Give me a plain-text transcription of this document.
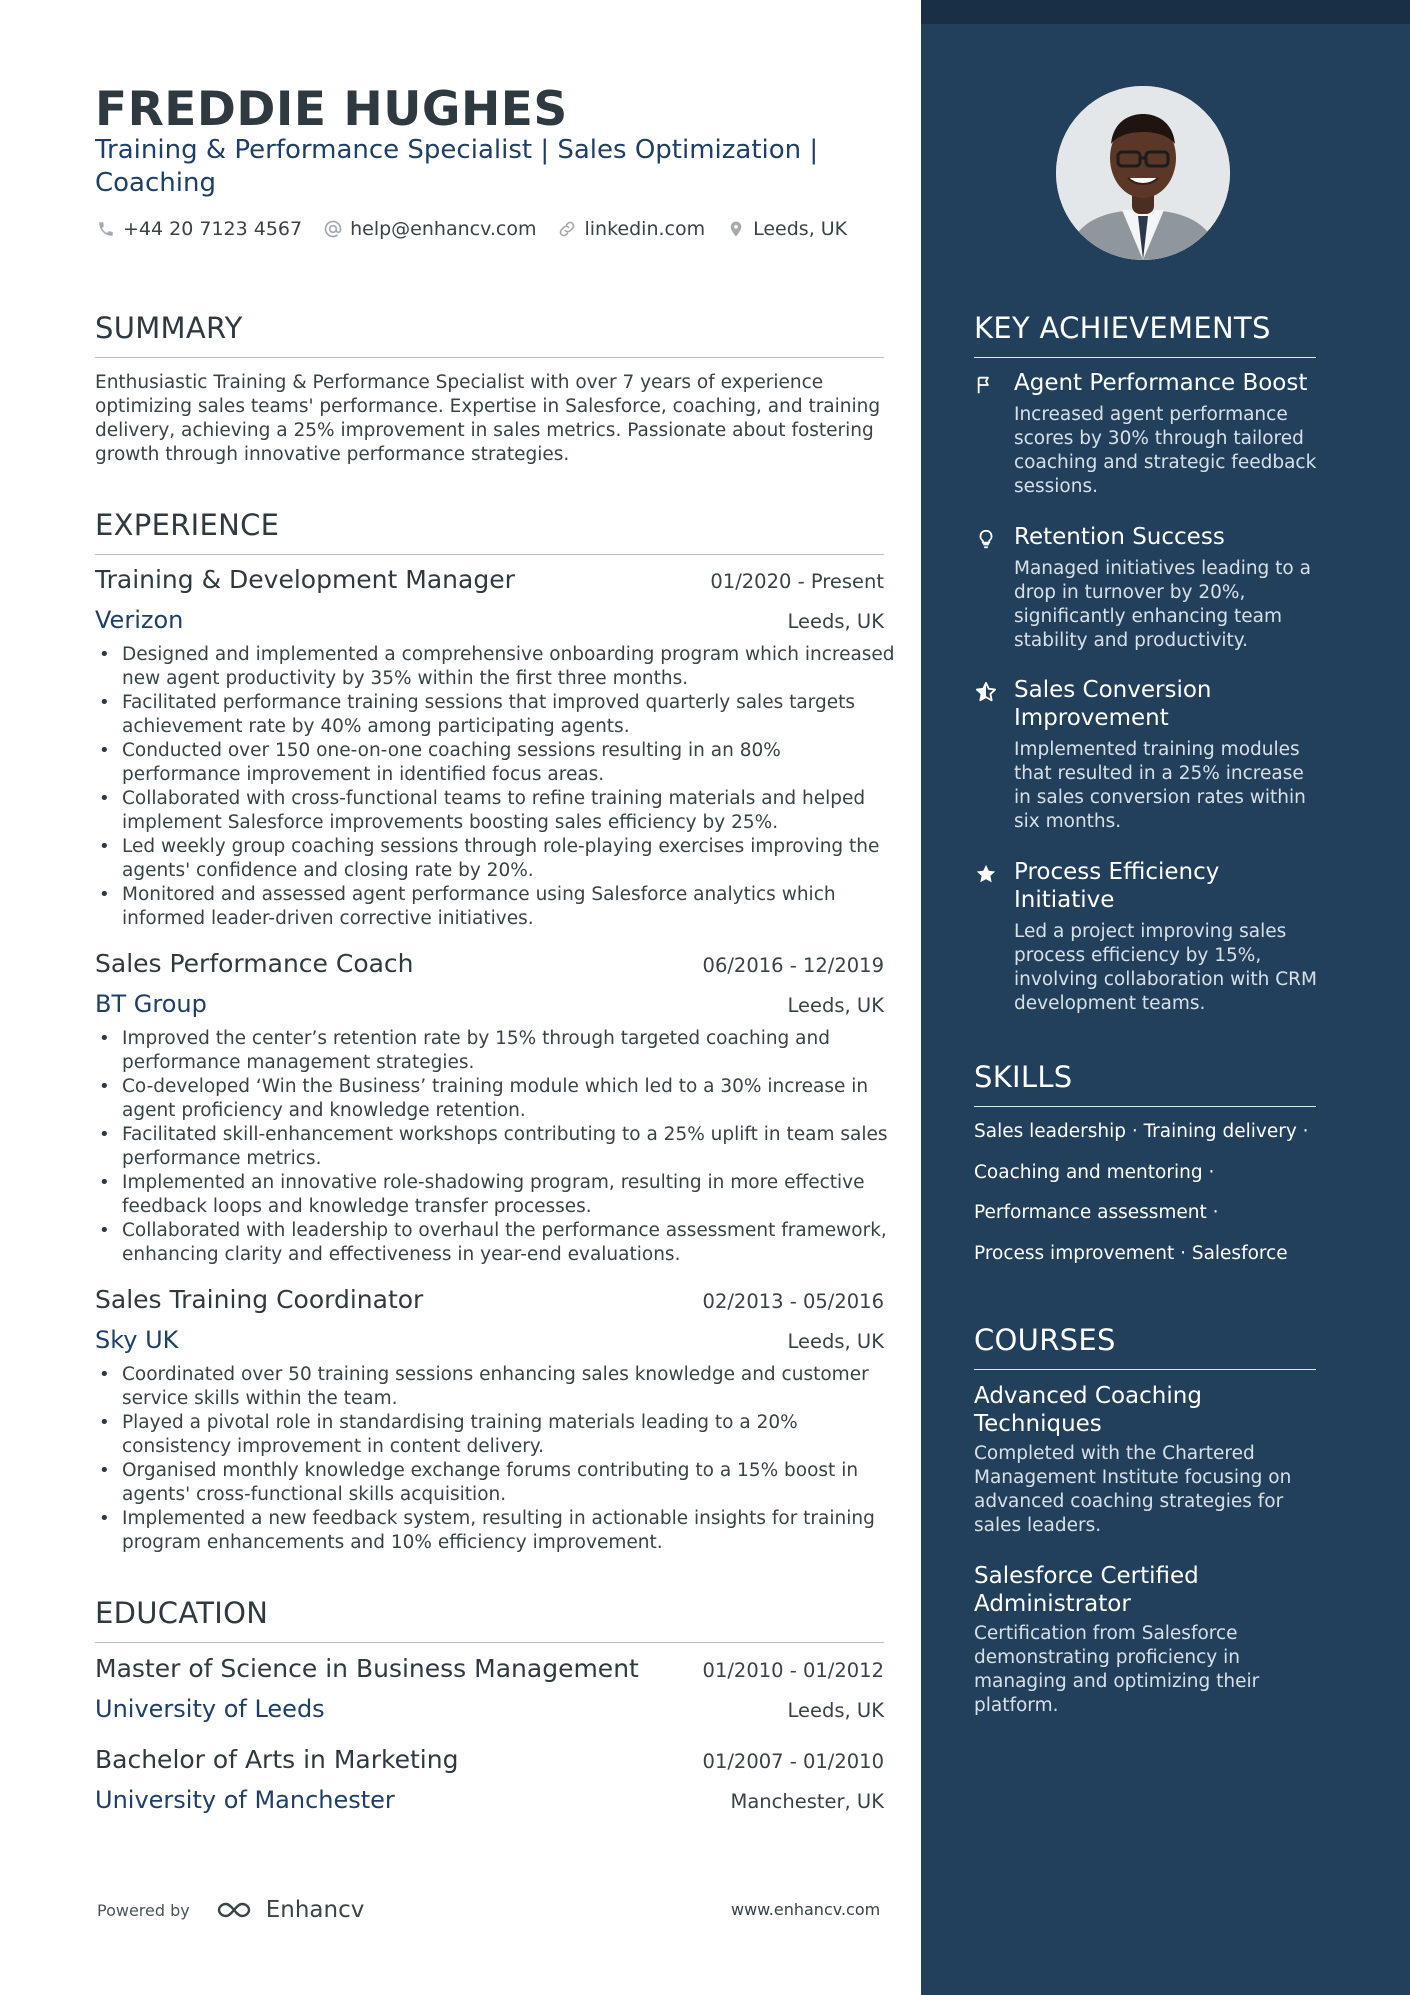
FREDDIE HUGHES
Training & Performance Specialist | Sales Optimization | Coaching
+44 20 7123 4567	help@enhancv.com	linkedin.com	Leeds, UK
SUMMARY
Enthusiastic Training & Performance Specialist with over 7 years of experience optimizing sales teams' performance. Expertise in Salesforce, coaching, and training delivery, achieving a 25% improvement in sales metrics. Passionate about fostering growth through innovative performance strategies.
EXPERIENCE
Training & Development Manager	01/2020 - Present
Verizon	Leeds, UK
• Designed and implemented a comprehensive onboarding program which increased new agent productivity by 35% within the first three months.
• Facilitated performance training sessions that improved quarterly sales targets achievement rate by 40% among participating agents.
• Conducted over 150 one-on-one coaching sessions resulting in an 80% performance improvement in identified focus areas.
• Collaborated with cross-functional teams to refine training materials and helped implement Salesforce improvements boosting sales efficiency by 25%.
• Led weekly group coaching sessions through role-playing exercises improving the agents' confidence and closing rate by 20%.
• Monitored and assessed agent performance using Salesforce analytics which informed leader-driven corrective initiatives.
Sales Performance Coach	06/2016 - 12/2019
BT Group	Leeds, UK
• Improved the center’s retention rate by 15% through targeted coaching and performance management strategies.
• Co-developed ‘Win the Business’ training module which led to a 30% increase in agent proficiency and knowledge retention.
• Facilitated skill-enhancement workshops contributing to a 25% uplift in team sales performance metrics.
• Implemented an innovative role-shadowing program, resulting in more effective feedback loops and knowledge transfer processes.
• Collaborated with leadership to overhaul the performance assessment framework, enhancing clarity and effectiveness in year-end evaluations.
Sales Training Coordinator	02/2013 - 05/2016
Sky UK	Leeds, UK
• Coordinated over 50 training sessions enhancing sales knowledge and customer service skills within the team.
• Played a pivotal role in standardising training materials leading to a 20% consistency improvement in content delivery.
• Organised monthly knowledge exchange forums contributing to a 15% boost in agents' cross-functional skills acquisition.
• Implemented a new feedback system, resulting in actionable insights for training program enhancements and 10% efficiency improvement.
EDUCATION
Master of Science in Business Management	01/2010 - 01/2012
University of Leeds	Leeds, UK
Bachelor of Arts in Marketing	01/2007 - 01/2010
University of Manchester	Manchester, UK
Powered by	Enhancv	www.enhancv.com
KEY ACHIEVEMENTS
Agent Performance Boost
Increased agent performance scores by 30% through tailored coaching and strategic feedback sessions.
Retention Success
Managed initiatives leading to a drop in turnover by 20%, significantly enhancing team stability and productivity.
Sales Conversion Improvement
Implemented training modules that resulted in a 25% increase in sales conversion rates within six months.
Process Efficiency Initiative
Led a project improving sales process efficiency by 15%, involving collaboration with CRM development teams.
SKILLS
Sales leadership · Training delivery ·
Coaching and mentoring ·
Performance assessment ·
Process improvement · Salesforce
COURSES
Advanced Coaching Techniques
Completed with the Chartered Management Institute focusing on advanced coaching strategies for sales leaders.
Salesforce Certified Administrator
Certification from Salesforce demonstrating proficiency in managing and optimizing their platform.
